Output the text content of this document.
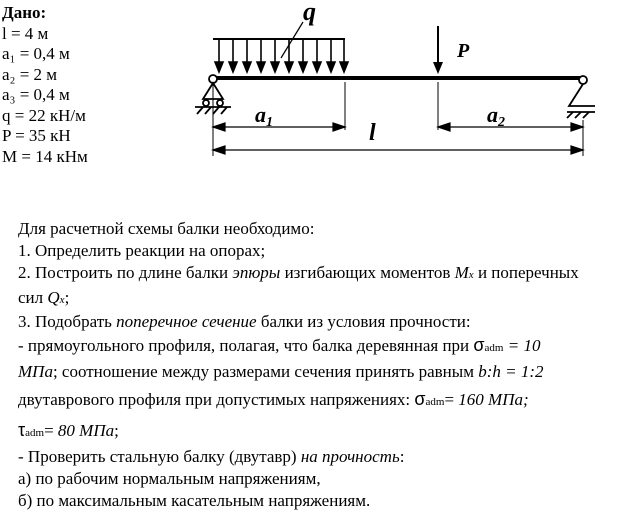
Дано:
l = 4 м
a₁ = 0,4 м
a₂ = 2 м
a₃ = 0,4 м
q = 22 кН/м
P = 35 кН
M = 14 кНм
q
P
a1	a2
l
Для расчетной схемы балки необходимо:
1. Определить реакции на опорах;
2. Построить по длине балки эпюры изгибающих моментов Mx и поперечных
сил Qx;
3. Подобрать поперечное сечение балки из условия прочности:
- прямоугольного профиля, полагая, что балка деревянная при σadm = 10
МПа; соотношение между размерами сечения принять равным b:h = 1:2
двутаврового профиля при допустимых напряжениях: σadm= 160 МПа;
τadm= 80 МПа;
- Проверить стальную балку (двутавр) на прочность:
а) по рабочим нормальным напряжениям,
б) по максимальным касательным напряжениям.
